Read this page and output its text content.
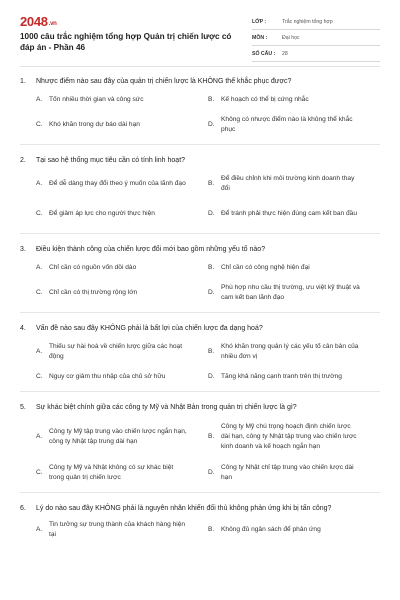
2048.vn
1000 câu trắc nghiệm tổng hợp Quản trị chiến lược có đáp án - Phần 46
LỚP :	Trắc nghiệm tổng hợp
MÔN :	Đại học
SỐ CÂU :	28
1.	Nhược điểm nào sau đây của quản trị chiến lược là KHÔNG thể khắc phục được?
A.	Tốn nhiều thời gian và công sức	B.	Kế hoạch có thể bị cứng nhắc
C. Khó khăn trong dự báo dài hạn	D.
Không có nhược điểm nào là không thể khắc phục
2.	Tại sao hệ thống mục tiêu cần có tính linh hoạt?
A.	Để dễ dàng thay đổi theo ý muốn của lãnh đạo	B.
Để điều chỉnh khi môi trường kinh doanh thay đổi
C. Để giảm áp lực cho người thực hiện	D. Để tránh phải thực hiện đúng cam kết ban đầu
3.	Điều kiện thành công của chiến lược đổi mới bao gồm những yếu tố nào?
A.	Chỉ cần có nguồn vốn dồi dào	B.	Chỉ cần có công nghệ hiện đại
C. Chỉ cần có thị trường rộng lớn	D.
Phù hợp nhu cầu thị trường, ưu việt kỹ thuật và cam kết ban lãnh đạo
4.	Vấn đề nào sau đây KHÔNG phải là bất lợi của chiến lược đa dạng hoá?
A.
Thiếu sự hài hoà về chiến lược giữa các hoạt động
B.
Khó khăn trong quản lý các yếu tố cân bản của nhiều đơn vị
C. Nguy cơ giảm thu nhập của chủ sở hữu	D. Tăng khả năng cạnh tranh trên thị trường
5.	Sự khác biệt chính giữa các công ty Mỹ và Nhật Bản trong quản trị chiến lược là gì?
A.
Công ty Mỹ tập trung vào chiến lược ngắn hạn, công ty Nhật tập trung dài hạn
B.
Công ty Mỹ chú trọng hoạch định chiến lược dài hạn, công ty Nhật tập trung vào chiến lược kinh doanh và kế hoạch ngắn hạn
C.
Công ty Mỹ và Nhật không có sự khác biệt trong quản trị chiến lược
D.
Công ty Nhật chỉ tập trung vào chiến lược dài hạn
6.	Lý do nào sau đây KHÔNG phải là nguyên nhân khiến đối thủ không phản ứng khi bị tấn công?
A.
Tin tưởng sự trung thành của khách hàng hiện tại
B.	Không đủ ngân sách để phản ứng
